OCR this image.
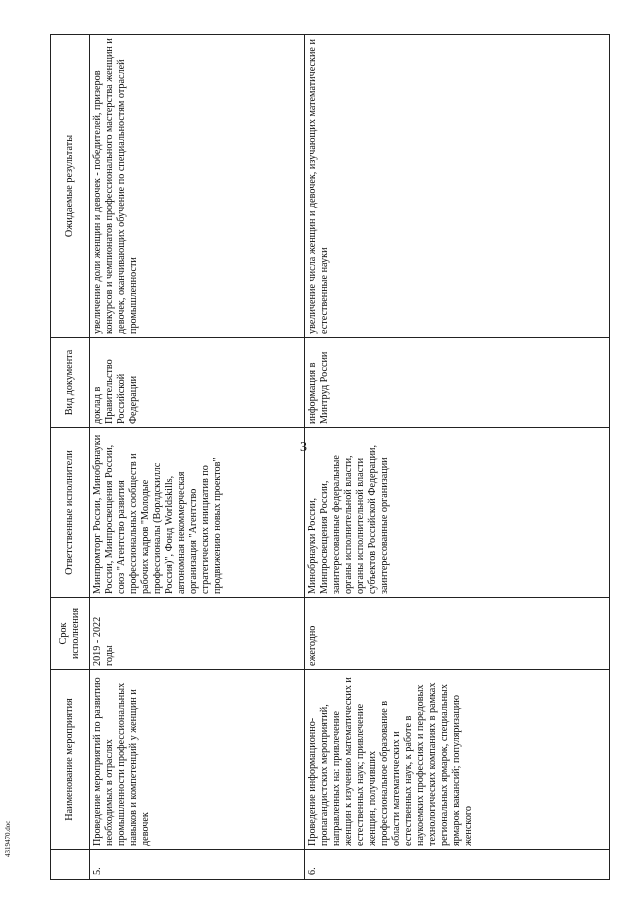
3
	Наименование мероприятия	Срок исполнения	Ответственные исполнители	Вид документа	Ожидаемые результаты
5.	Проведение мероприятий по развитию необходимых в отраслях промышленности профессиональных навыков и компетенций у женщин и девочек	2019 - 2022 годы	Минпромторг России, Минобрнауки России, Минпросвещения России, союз "Агентство развития профессиональных сообществ и рабочих кадров "Молодые профессионалы (Ворлдскиллс Россия)", Фонд Worldskills, автономная некоммерческая организация "Агентство стратегических инициатив по продвижению новых проектов"	доклад в Правительство Российской Федерации	увеличение доли женщин и девочек - победителей, призеров конкурсов и чемпионатов профессионального мастерства женщин и девочек, оканчивающих обучение по специальностям отраслей промышленности
6.	Проведение информационно-пропагандистских мероприятий, направленных на: привлечение женщин к изучению математических и естественных наук; привлечение женщин, получивших профессиональное образование в области математических и естественных наук, к работе в наукоемких профессиях и передовых технологических компаниях в рамках региональных ярмарок, специальных ярмарок вакансий; популяризацию женского	ежегодно	Минобрнауки России, Минпросвещения России, заинтересованные федеральные органы исполнительной власти, органы исполнительной власти субъектов Российской Федерации, заинтересованные организации	информация в Минтруд России	увеличение числа женщин и девочек, изучающих математические и естественные науки
4319470.doc
